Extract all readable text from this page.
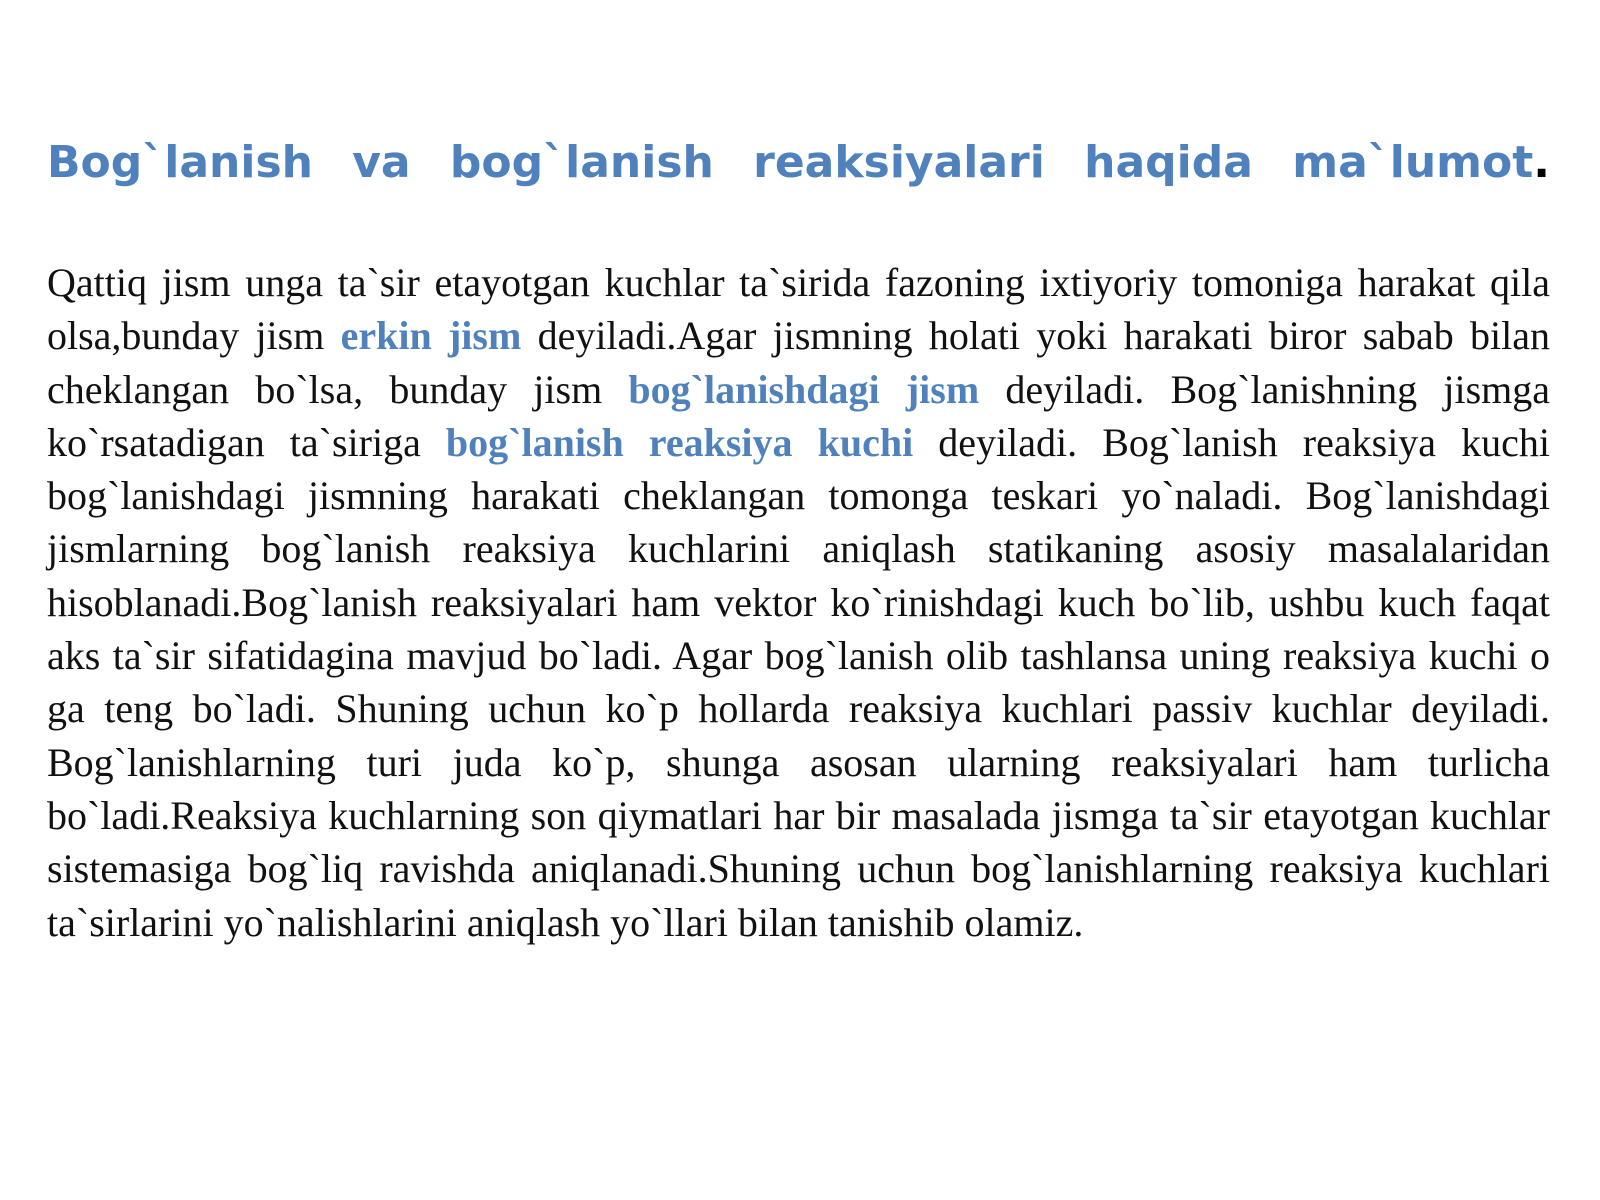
Bog`lanish va bog`lanish reaksiyalari haqida ma`lumot.

Qattiq jism unga ta`sir etayotgan kuchlar ta`sirida fazoning ixtiyoriy tomoniga harakat qila olsa,bunday jism erkin jism deyiladi.Agar jismning holati yoki harakati biror sabab bilan cheklangan bo`lsa, bunday jism bog`lanishdagi jism deyiladi. Bog`lanishning jismga ko`rsatadigan ta`siriga bog`lanish reaksiya kuchi deyiladi. Bog`lanish reaksiya kuchi bog`lanishdagi jismning harakati cheklangan tomonga teskari yo`naladi. Bog`lanishdagi jismlarning bog`lanish reaksiya kuchlarini aniqlash statikaning asosiy masalalaridan hisoblanadi.Bog`lanish reaksiyalari ham vektor ko`rinishdagi kuch bo`lib, ushbu kuch faqat aks ta`sir sifatidagina mavjud bo`ladi. Agar bog`lanish olib tashlansa uning reaksiya kuchi o ga teng bo`ladi. Shuning uchun ko`p hollarda reaksiya kuchlari passiv kuchlar deyiladi. Bog`lanishlarning turi juda ko`p, shunga asosan ularning reaksiyalari ham turlicha bo`ladi.Reaksiya kuchlarning son qiymatlari har bir masalada jismga ta`sir etayotgan kuchlar sistemasiga bog`liq ravishda aniqlanadi.Shuning uchun bog`lanishlarning reaksiya kuchlari ta`sirlarini yo`nalishlarini aniqlash yo`llari bilan tanishib olamiz.
